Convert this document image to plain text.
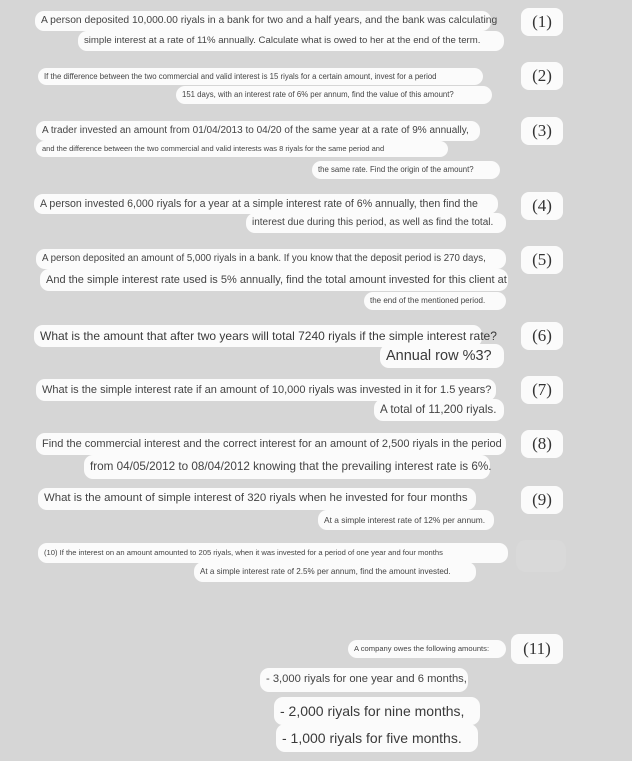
A person deposited 10,000.00 riyals in a bank for two and a half years, and the bank was calculating
simple interest at a rate of 11% annually. Calculate what is owed to her at the end of the term.
(1)
If the difference between the two commercial and valid interest is 15 riyals for a certain amount, invest for a period
151 days, with an interest rate of 6% per annum, find the value of this amount?
(2)
A trader invested an amount from 01/04/2013 to 04/20 of the same year at a rate of 9% annually,
and the difference between the two commercial and valid interests was 8 riyals for the same period and
the same rate. Find the origin of the amount?
(3)
A person invested 6,000 riyals for a year at a simple interest rate of 6% annually, then find the
interest due during this period, as well as find the total.
(4)
A person deposited an amount of 5,000 riyals in a bank. If you know that the deposit period is 270 days,
And the simple interest rate used is 5% annually, find the total amount invested for this client at
the end of the mentioned period.
(5)
What is the amount that after two years will total 7240 riyals if the simple interest rate?
Annual row %3?
(6)
What is the simple interest rate if an amount of 10,000 riyals was invested in it for 1.5 years?
A total of 11,200 riyals.
(7)
Find the commercial interest and the correct interest for an amount of 2,500 riyals in the period
from 04/05/2012 to 08/04/2012 knowing that the prevailing interest rate is 6%.
(8)
What is the amount of simple interest of 320 riyals when he invested for four months
At a simple interest rate of 12% per annum.
(9)
(10) If the interest on an amount amounted to 205 riyals, when it was invested for a period of one year and four months
At a simple interest rate of 2.5% per annum, find the amount invested.
A company owes the following amounts:	(11)
- 3,000 riyals for one year and 6 months,
- 2,000 riyals for nine months,
- 1,000 riyals for five months.
